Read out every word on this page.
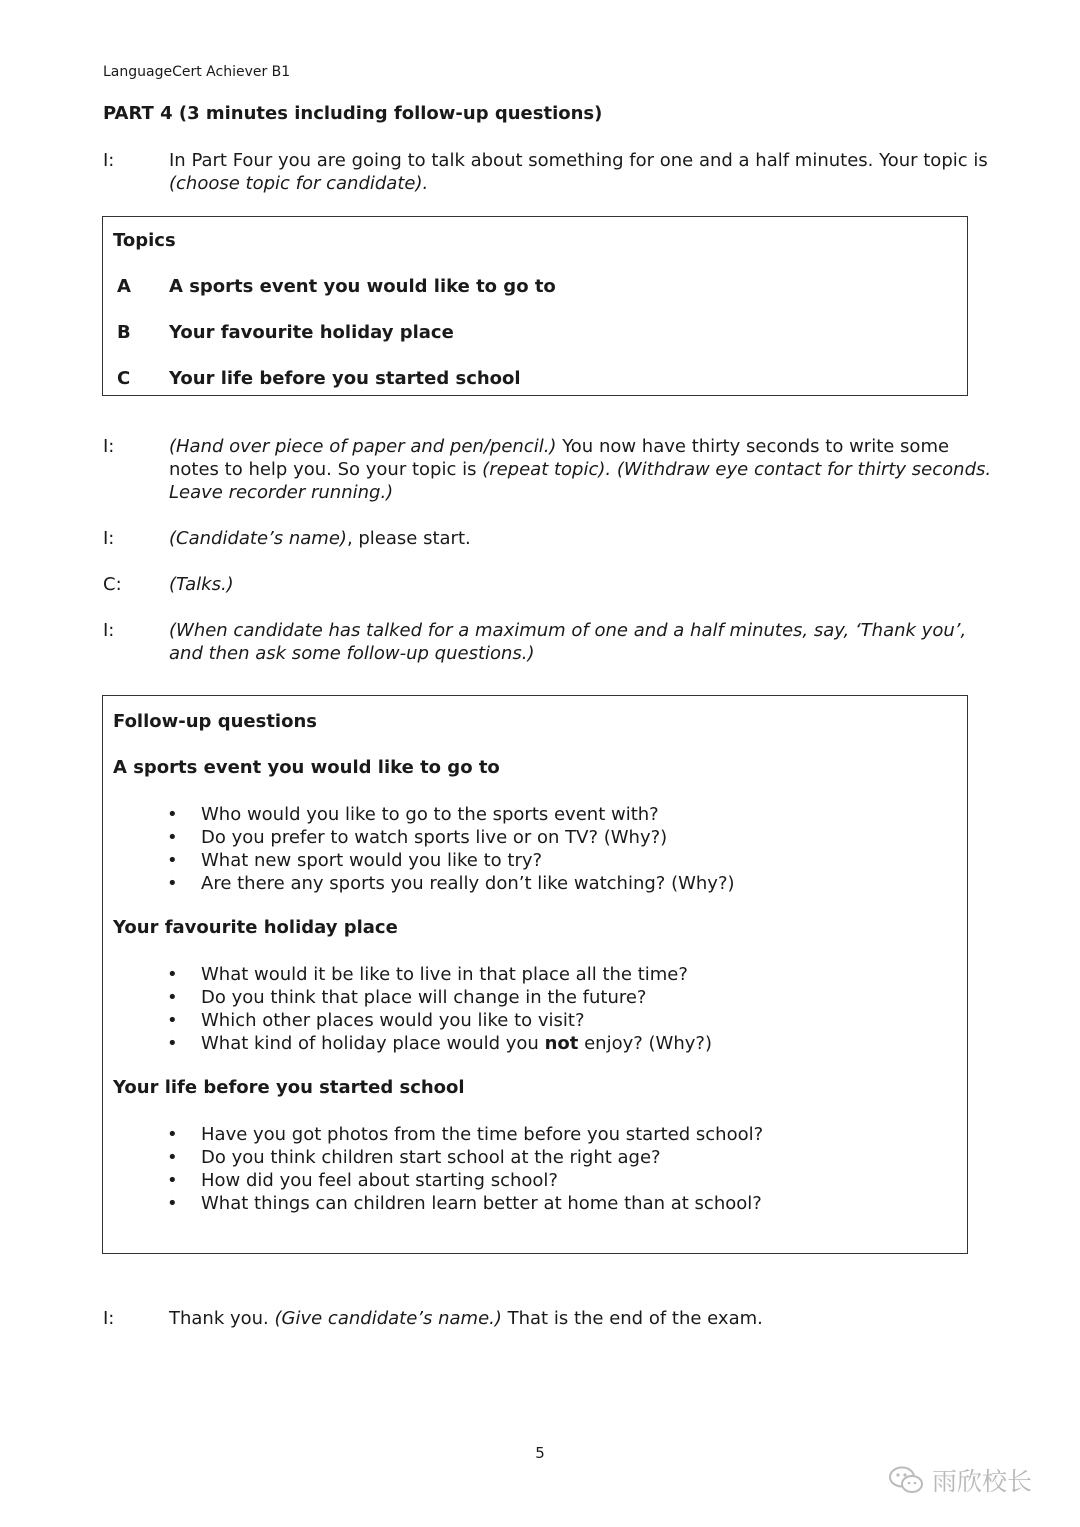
LanguageCert Achiever B1
PART 4 (3 minutes including follow-up questions)
I:	In Part Four you are going to talk about something for one and a half minutes. Your topic is (choose topic for candidate).
Topics
A A sports event you would like to go to
B Your favourite holiday place
C Your life before you started school
I:	(Hand over piece of paper and pen/pencil.) You now have thirty seconds to write some notes to help you. So your topic is (repeat topic). (Withdraw eye contact for thirty seconds. Leave recorder running.)
I:	(Candidate’s name), please start.
C:	(Talks.)
I:	(When candidate has talked for a maximum of one and a half minutes, say, ‘Thank you’, and then ask some follow-up questions.)
Follow-up questions
A sports event you would like to go to
• Who would you like to go to the sports event with?
• Do you prefer to watch sports live or on TV? (Why?)
• What new sport would you like to try?
• Are there any sports you really don’t like watching? (Why?)
Your favourite holiday place
• What would it be like to live in that place all the time?
• Do you think that place will change in the future?
• Which other places would you like to visit?
• What kind of holiday place would you not enjoy? (Why?)
Your life before you started school
• Have you got photos from the time before you started school?
• Do you think children start school at the right age?
• How did you feel about starting school?
• What things can children learn better at home than at school?
I:	Thank you. (Give candidate’s name.) That is the end of the exam.
5
雨欣校长
